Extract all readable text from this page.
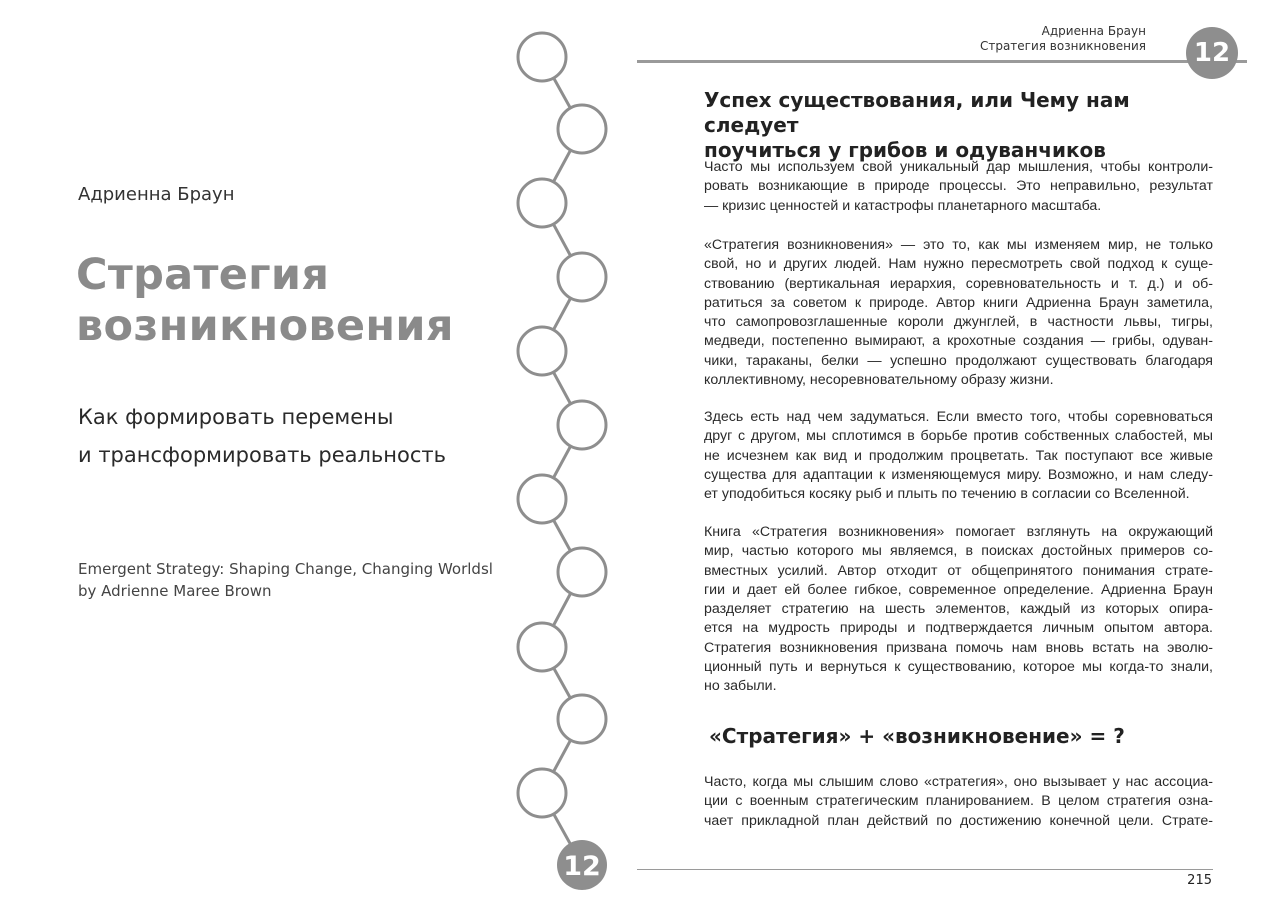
Адриенна Браун

Стратегия
возникновения

Как формировать перемены
и трансформировать реальность

Emergent Strategy: Shaping Change, Changing Worldsl
by Adrienne Maree Brown

12
Адриенна Браун
Стратегия возникновения	12
Успех существования, или Чему нам следует
поучиться у грибов и одуванчиков

Часто мы используем свой уникальный дар мышления, чтобы контроли-
ровать возникающие в природе процессы. Это неправильно, результат
— кризис ценностей и катастрофы планетарного масштаба.

«Стратегия возникновения» — это то, как мы изменяем мир, не только
свой, но и других людей. Нам нужно пересмотреть свой подход к суще-
ствованию (вертикальная иерархия, соревновательность и т. д.) и об-
ратиться за советом к природе. Автор книги Адриенна Браун заметила,
что самопровозглашенные короли джунглей, в частности львы, тигры,
медведи, постепенно вымирают, а крохотные создания — грибы, одуван-
чики, тараканы, белки — успешно продолжают существовать благодаря
коллективному, несоревновательному образу жизни.

Здесь есть над чем задуматься. Если вместо того, чтобы соревноваться
друг с другом, мы сплотимся в борьбе против собственных слабостей, мы
не исчезнем как вид и продолжим процветать. Так поступают все живые
существа для адаптации к изменяющемуся миру. Возможно, и нам следу-
ет уподобиться косяку рыб и плыть по течению в согласии со Вселенной.

Книга «Стратегия возникновения» помогает взглянуть на окружающий
мир, частью которого мы являемся, в поисках достойных примеров со-
вместных усилий. Автор отходит от общепринятого понимания страте-
гии и дает ей более гибкое, современное определение. Адриенна Браун
разделяет стратегию на шесть элементов, каждый из которых опира-
ется на мудрость природы и подтверждается личным опытом автора.
Стратегия возникновения призвана помочь нам вновь встать на эволю-
ционный путь и вернуться к существованию, которое мы когда-то знали,
но забыли.

«Стратегия» + «возникновение» = ?

Часто, когда мы слышим слово «стратегия», оно вызывает у нас ассоциа-
ции с военным стратегическим планированием. В целом стратегия озна-
чает прикладной план действий по достижению конечной цели. Страте-

215
